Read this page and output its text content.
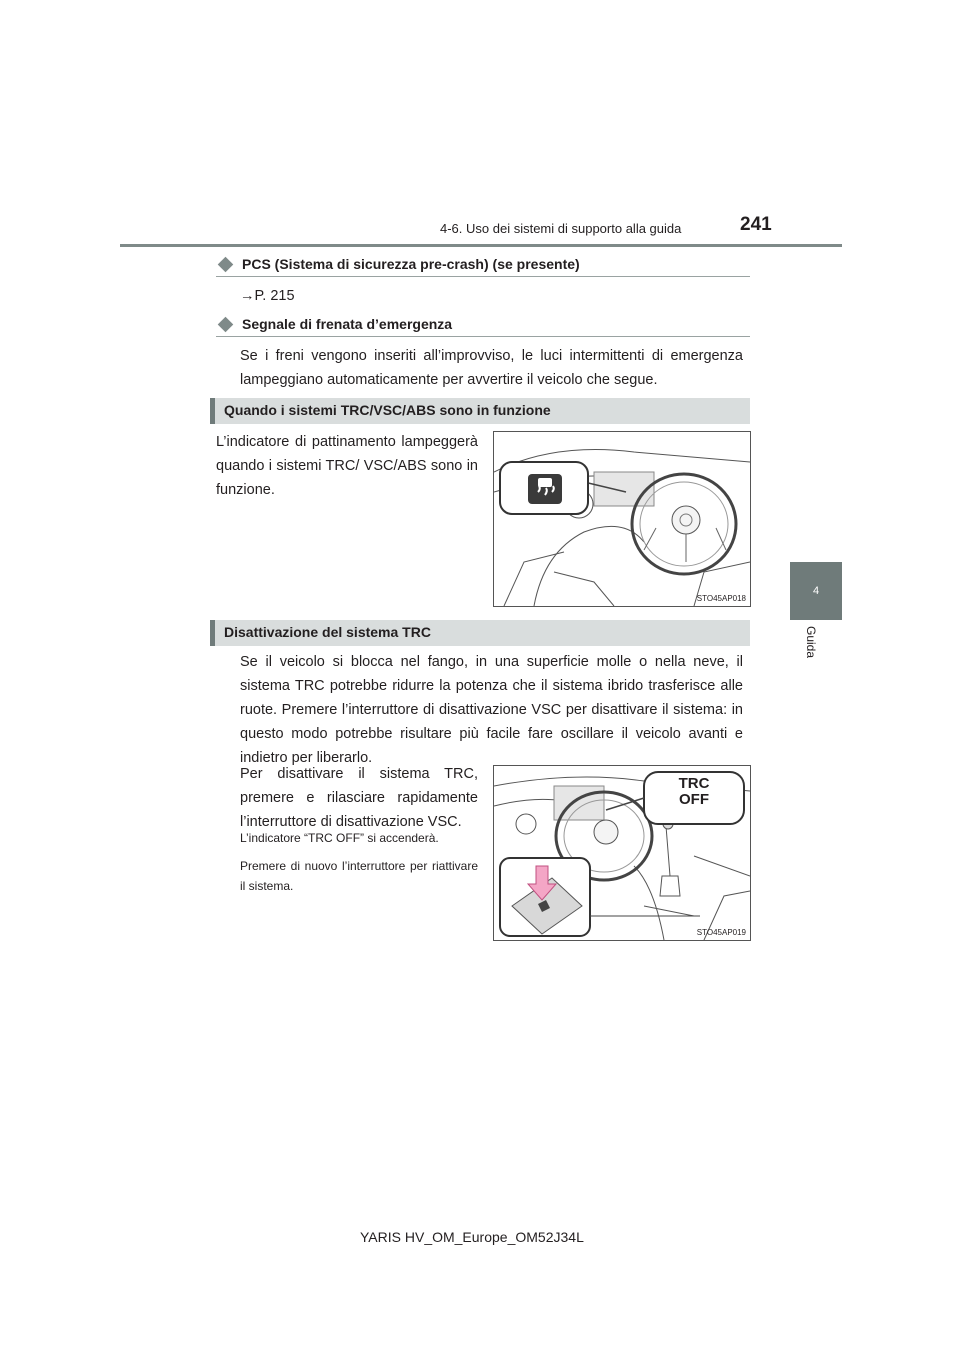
4-6. Uso dei sistemi di supporto alla guida	241
4
Guida
PCS (Sistema di sicurezza pre-crash) (se presente)
→P. 215
Segnale di frenata d’emergenza
Se i freni vengono inseriti all’improvviso, le luci intermittenti di emergenza lampeggiano automaticamente per avvertire il veicolo che segue.
Quando i sistemi TRC/VSC/ABS sono in funzione
L’indicatore di pattinamento lampeggerà quando i sistemi TRC/ VSC/ABS sono in funzione.
STO45AP018
Disattivazione del sistema TRC
Se il veicolo si blocca nel fango, in una superficie molle o nella neve, il sistema TRC potrebbe ridurre la potenza che il sistema ibrido trasferisce alle ruote. Premere l’interruttore di disattivazione VSC per disattivare il sistema: in questo modo potrebbe risultare più facile fare oscillare il veicolo avanti e indietro per liberarlo.
Per disattivare il sistema TRC, premere e rilasciare rapidamente l’interruttore di disattivazione VSC.
L’indicatore “TRC OFF” si accenderà.
Premere di nuovo l’interruttore per riattivare il sistema.
TRC
OFF
STO45AP019
YARIS HV_OM_Europe_OM52J34L
